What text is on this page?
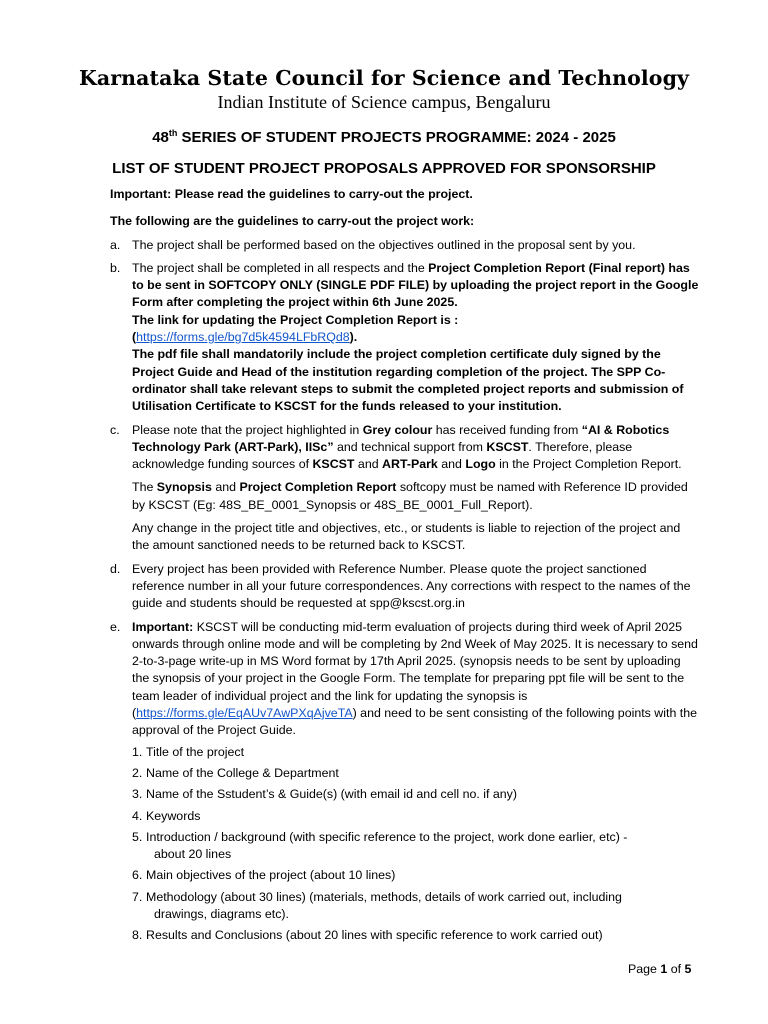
Karnataka State Council for Science and Technology
Indian Institute of Science campus, Bengaluru
48th SERIES OF STUDENT PROJECTS PROGRAMME: 2024 - 2025
LIST OF STUDENT PROJECT PROPOSALS APPROVED FOR SPONSORSHIP

Important: Please read the guidelines to carry-out the project.

The following are the guidelines to carry-out the project work:

a. The project shall be performed based on the objectives outlined in the proposal sent by you.

b. The project shall be completed in all respects and the Project Completion Report (Final report) has to be sent in SOFTCOPY ONLY (SINGLE PDF FILE) by uploading the project report in the Google Form after completing the project within 6th June 2025.
The link for updating the Project Completion Report is :
(https://forms.gle/bg7d5k4594LFbRQd8).
The pdf file shall mandatorily include the project completion certificate duly signed by the Project Guide and Head of the institution regarding completion of the project. The SPP Co-ordinator shall take relevant steps to submit the completed project reports and submission of Utilisation Certificate to KSCST for the funds released to your institution.

c. Please note that the project highlighted in Grey colour has received funding from “AI & Robotics Technology Park (ART-Park), IISc” and technical support from KSCST. Therefore, please acknowledge funding sources of KSCST and ART-Park and Logo in the Project Completion Report.

The Synopsis and Project Completion Report softcopy must be named with Reference ID provided by KSCST (Eg: 48S_BE_0001_Synopsis or 48S_BE_0001_Full_Report).

Any change in the project title and objectives, etc., or students is liable to rejection of the project and the amount sanctioned needs to be returned back to KSCST.

d. Every project has been provided with Reference Number. Please quote the project sanctioned reference number in all your future correspondences. Any corrections with respect to the names of the guide and students should be requested at spp@kscst.org.in

e. Important: KSCST will be conducting mid-term evaluation of projects during third week of April 2025 onwards through online mode and will be completing by 2nd Week of May 2025. It is necessary to send 2-to-3-page write-up in MS Word format by 17th April 2025. (synopsis needs to be sent by uploading the synopsis of your project in the Google Form. The template for preparing ppt file will be sent to the team leader of individual project and the link for updating the synopsis is (https://forms.gle/EqAUv7AwPXqAjveTA) and need to be sent consisting of the following points with the approval of the Project Guide.

1. Title of the project
2. Name of the College & Department
3. Name of the Sstudent’s & Guide(s) (with email id and cell no. if any)
4. Keywords
5. Introduction / background (with specific reference to the project, work done earlier, etc) -
about 20 lines
6. Main objectives of the project (about 10 lines)
7. Methodology (about 30 lines) (materials, methods, details of work carried out, including
drawings, diagrams etc).
8. Results and Conclusions (about 20 lines with specific reference to work carried out)
Page 1 of 5
